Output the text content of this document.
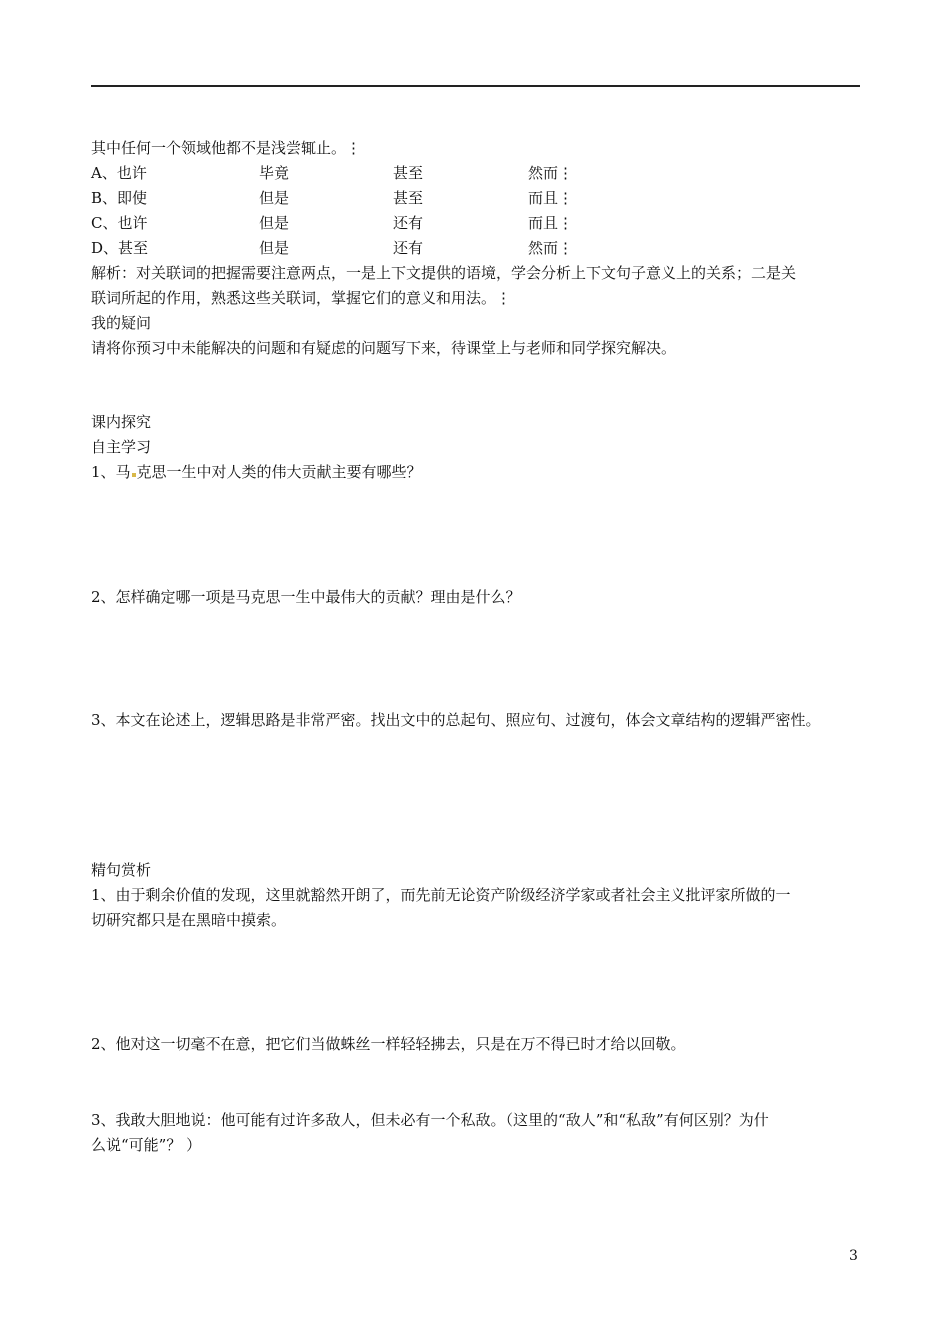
其中任何一个领域他都不是浅尝辄止。⋮
A、也许	毕竟	甚至	然而⋮
B、即使	但是	甚至	而且⋮
C、也许	但是	还有	而且⋮
D、甚至	但是	还有	然而⋮
解析：对关联词的把握需要注意两点，一是上下文提供的语境，学会分析上下文句子意义上的关系；二是关
联词所起的作用，熟悉这些关联词，掌握它们的意义和用法。⋮
我的疑问
请将你预习中未能解决的问题和有疑虑的问题写下来，待课堂上与老师和同学探究解决。
课内探究
自主学习
1、马 克思一生中对人类的伟大贡献主要有哪些？
2、怎样确定哪一项是马克思一生中最伟大的贡献？理由是什么？
3、本文在论述上，逻辑思路是非常严密。找出文中的总起句、照应句、过渡句，体会文章结构的逻辑严密性。
精句赏析
1、由于剩余价值的发现，这里就豁然开朗了，而先前无论资产阶级经济学家或者社会主义批评家所做的一
切研究都只是在黑暗中摸索。
2、他对这一切毫不在意，把它们当做蛛丝一样轻轻拂去，只是在万不得已时才给以回敬。
3、我敢大胆地说：他可能有过许多敌人，但未必有一个私敌。（这里的“敌人”和“私敌”有何区别？为什
么说“可能”？ ）
3
